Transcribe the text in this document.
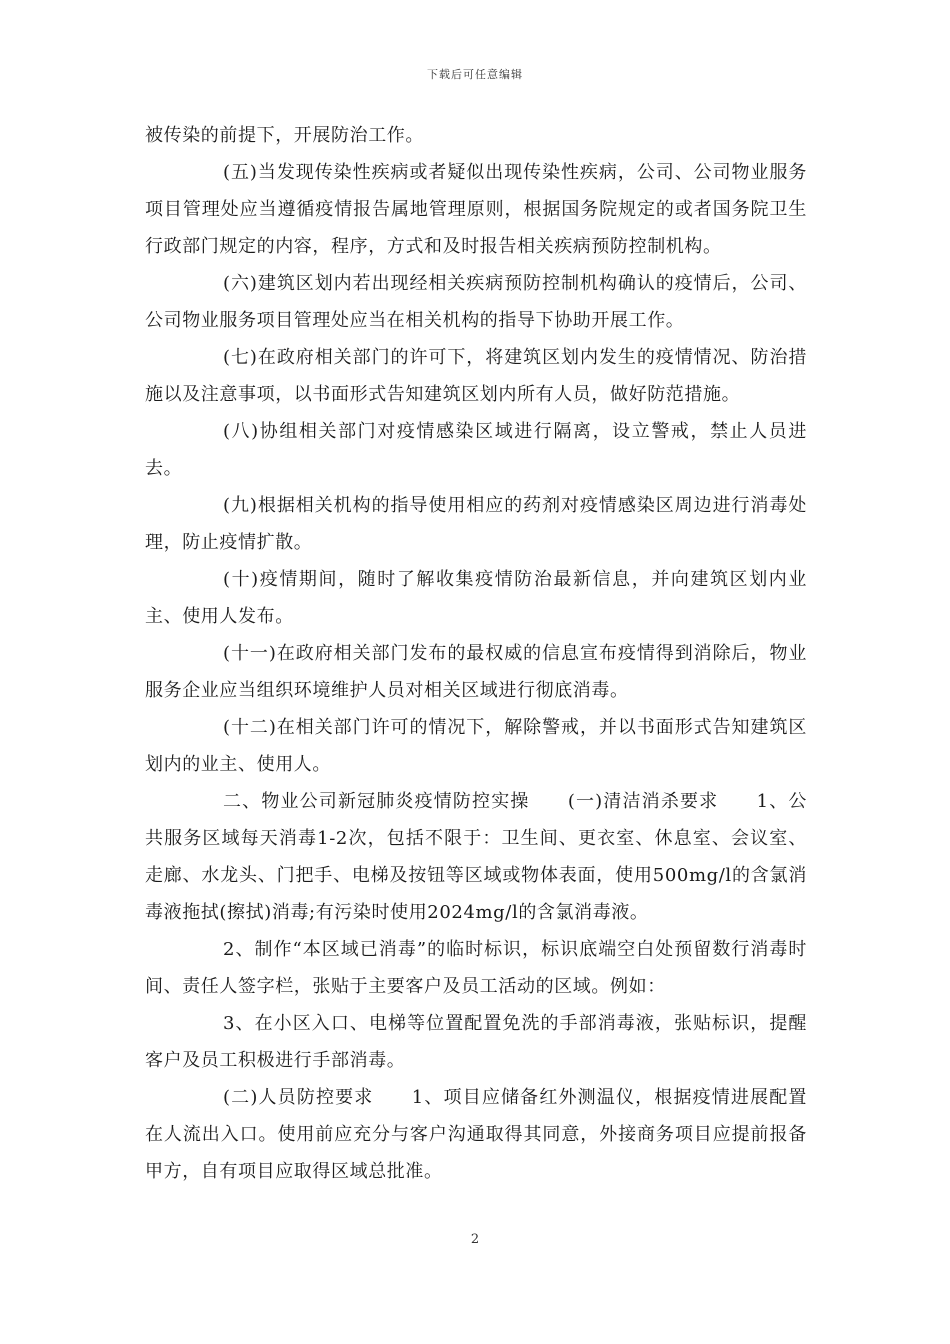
下载后可任意编辑

被传染的前提下，开展防治工作。

(五)当发现传染性疾病或者疑似出现传染性疾病，公司、公司物业服务项目管理处应当遵循疫情报告属地管理原则，根据国务院规定的或者国务院卫生行政部门规定的内容，程序，方式和及时报告相关疾病预防控制机构。

(六)建筑区划内若出现经相关疾病预防控制机构确认的疫情后，公司、公司物业服务项目管理处应当在相关机构的指导下协助开展工作。

(七)在政府相关部门的许可下，将建筑区划内发生的疫情情况、防治措施以及注意事项，以书面形式告知建筑区划内所有人员，做好防范措施。

(八)协组相关部门对疫情感染区域进行隔离，设立警戒，禁止人员进去。

(九)根据相关机构的指导使用相应的药剂对疫情感染区周边进行消毒处理，防止疫情扩散。

(十)疫情期间，随时了解收集疫情防治最新信息，并向建筑区划内业主、使用人发布。

(十一)在政府相关部门发布的最权威的信息宣布疫情得到消除后，物业服务企业应当组织环境维护人员对相关区域进行彻底消毒。

(十二)在相关部门许可的情况下，解除警戒，并以书面形式告知建筑区划内的业主、使用人。

二、物业公司新冠肺炎疫情防控实操　　(一)清洁消杀要求　　1、公共服务区域每天消毒1-2次，包括不限于：卫生间、更衣室、休息室、会议室、走廊、水龙头、门把手、电梯及按钮等区域或物体表面，使用500mg/l的含氯消毒液拖拭(擦拭)消毒;有污染时使用2024mg/l的含氯消毒液。

2、制作“本区域已消毒”的临时标识，标识底端空白处预留数行消毒时间、责任人签字栏，张贴于主要客户及员工活动的区域。例如：

3、在小区入口、电梯等位置配置免洗的手部消毒液，张贴标识，提醒客户及员工积极进行手部消毒。

(二)人员防控要求　　1、项目应储备红外测温仪，根据疫情进展配置在人流出入口。使用前应充分与客户沟通取得其同意，外接商务项目应提前报备甲方，自有项目应取得区域总批准。

2
